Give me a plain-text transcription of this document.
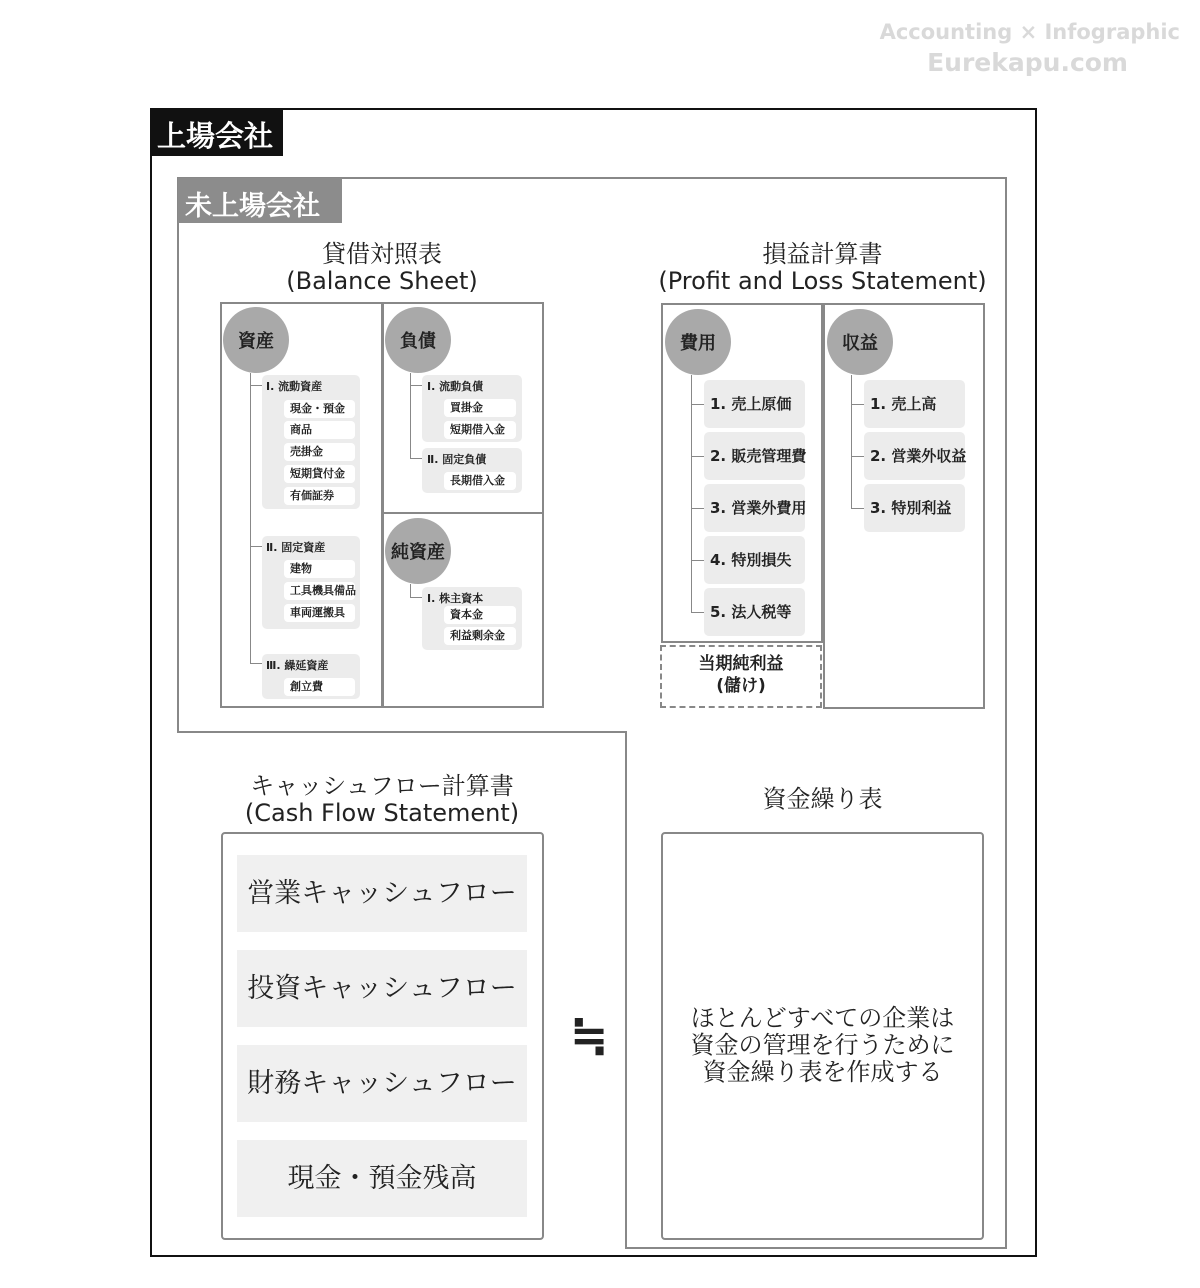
Accounting × Infographic
Eurekapu.com
上場会社
未上場会社
貸借対照表
(Balance Sheet)
資産
Ⅰ. 流動資産
現金・預金
商品
売掛金
短期貸付金
有価証券
Ⅱ. 固定資産
建物
工具機具備品
車両運搬具
Ⅲ. 繰延資産
創立費
負債
Ⅰ. 流動負債
買掛金
短期借入金
Ⅱ. 固定負債
長期借入金
純資産
Ⅰ. 株主資本
資本金
利益剰余金
損益計算書
(Profit and Loss Statement)
費用
1. 売上原価
2. 販売管理費
3. 営業外費用
4. 特別損失
5. 法人税等
当期純利益
(儲け)
収益
1. 売上高
2. 営業外収益
3. 特別利益
キャッシュフロー計算書
(Cash Flow Statement)
営業キャッシュフロー
投資キャッシュフロー
財務キャッシュフロー
現金・預金残高
≒
資金繰り表
ほとんどすべての企業は
資金の管理を行うために
資金繰り表を作成する
